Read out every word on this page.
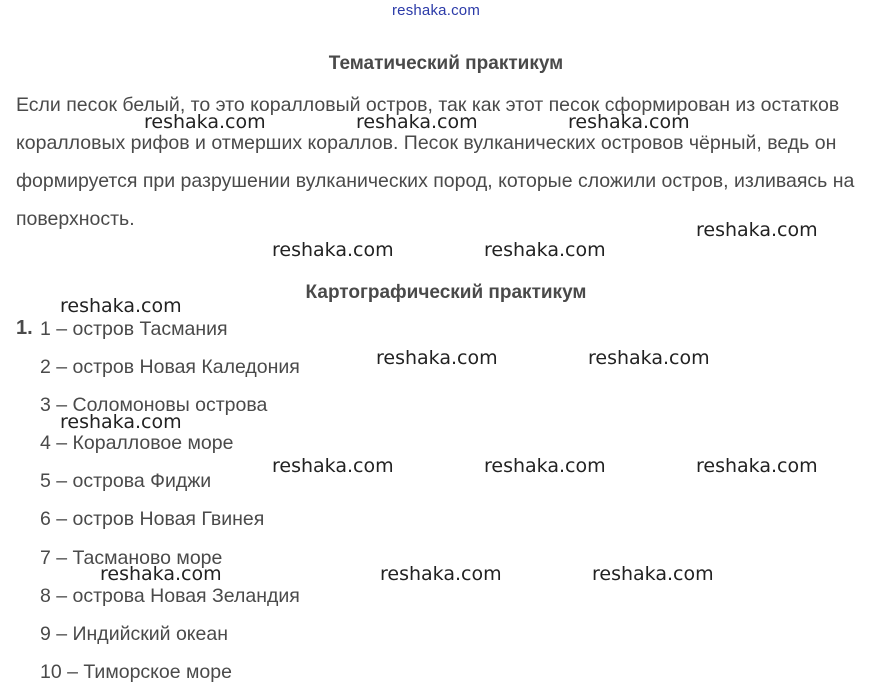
reshaka.com
Тематический практикум
Если песок белый, то это коралловый остров, так как этот песок сформирован из остатков коралловых рифов и отмерших кораллов. Песок вулканических островов чёрный, ведь он формируется при разрушении вулканических пород, которые сложили остров, изливаясь на поверхность.
Картографический практикум
1. 1 – остров Тасмания
2 – остров Новая Каледония
3 – Соломоновы острова
4 – Коралловое море
5 – острова Фиджи
6 – остров Новая Гвинея
7 – Тасманово море
8 – острова Новая Зеландия
9 – Индийский океан
10 – Тиморское море
reshaka.com	reshaka.com	reshaka.com
reshaka.com
reshaka.com	reshaka.com
reshaka.com
reshaka.com	reshaka.com
reshaka.com
reshaka.com	reshaka.com	reshaka.com
reshaka.com	reshaka.com	reshaka.com
